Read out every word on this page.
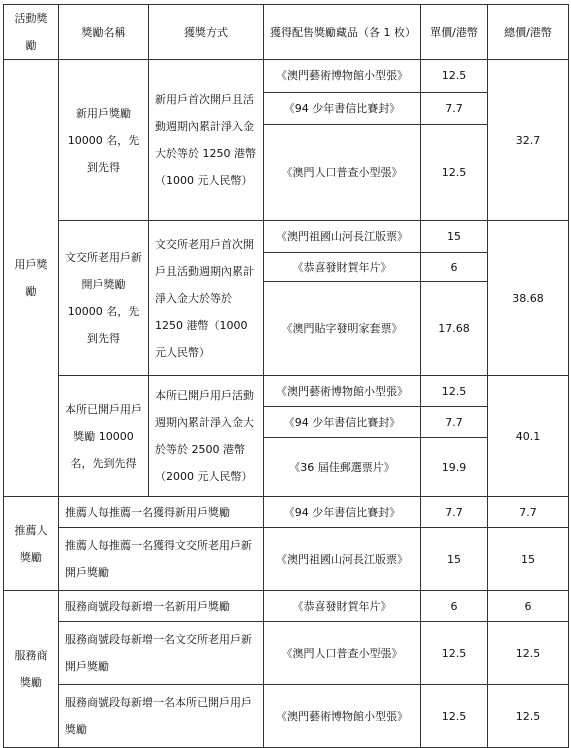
活動獎勵	獎勵名稱	獲獎方式	獲得配售獎勵藏品（各 1 枚）	單價/港幣	總價/港幣
用戶獎勵	新用戶獎勵 10000 名，先到先得	新用戶首次開戶且活動週期內累計淨入金大於等於 1250 港幣（1000 元人民幣）	《澳門藝術博物館小型張》	12.5	32.7
			《94 少年書信比賽封》	7.7	
			《澳門人口普查小型張》	12.5	
	文交所老用戶新開戶獎勵 10000 名，先到先得	文交所老用戶首次開戶且活動週期內累計淨入金大於等於 1250 港幣（1000 元人民幣）	《澳門祖國山河長江版票》	15	38.68
			《恭喜發財賀年片》	6	
			《澳門貼字發明家套票》	17.68	
	本所已開戶用戶獎勵 10000 名，先到先得	本所已開戶用戶活動週期內累計淨入金大於等於 2500 港幣（2000 元人民幣）	《澳門藝術博物館小型張》	12.5	40.1
			《94 少年書信比賽封》	7.7	
			《36 屆佳郵選票片》	19.9	
推薦人獎勵	推薦人每推薦一名獲得新用戶獎勵		《94 少年書信比賽封》	7.7	7.7
	推薦人每推薦一名獲得文交所老用戶新開戶獎勵		《澳門祖國山河長江版票》	15	15
服務商獎勵	服務商號段每新增一名新用戶獎勵		《恭喜發財賀年片》	6	6
	服務商號段每新增一名文交所老用戶新開戶獎勵		《澳門人口普查小型張》	12.5	12.5
	服務商號段每新增一名本所已開戶用戶獎勵		《澳門藝術博物館小型張》	12.5	12.5
